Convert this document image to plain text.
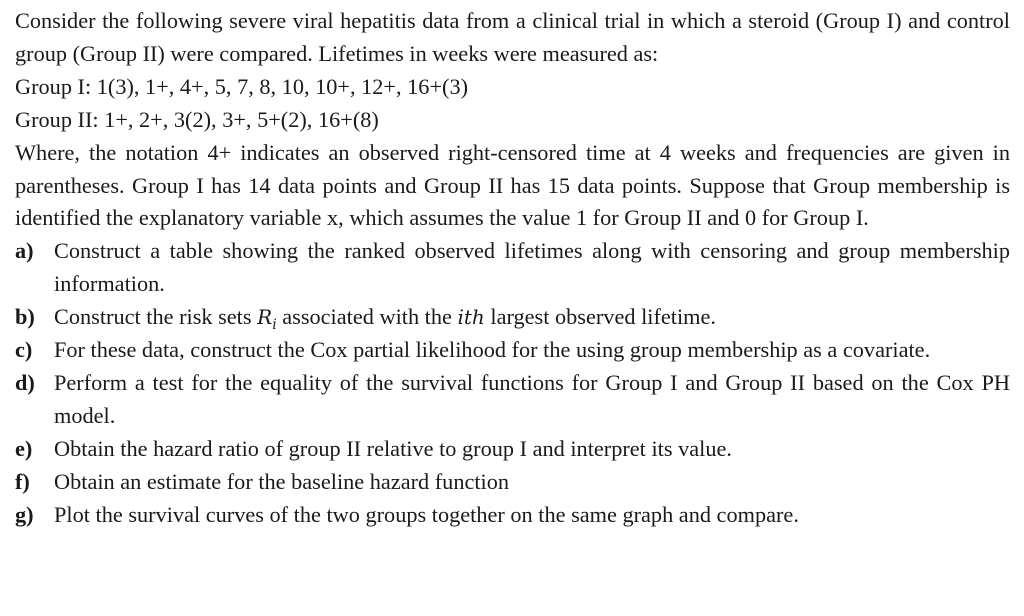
Consider the following severe viral hepatitis data from a clinical trial in which a steroid (Group I) and control group (Group II) were compared. Lifetimes in weeks were measured as:

Group I: 1(3), 1+, 4+, 5, 7, 8, 10, 10+, 12+, 16+(3)

Group II: 1+, 2+, 3(2), 3+, 5+(2), 16+(8)

Where, the notation 4+ indicates an observed right-censored time at 4 weeks and frequencies are given in parentheses. Group I has 14 data points and Group II has 15 data points. Suppose that Group membership is identified the explanatory variable x, which assumes the value 1 for Group II and 0 for Group I.

a) Construct a table showing the ranked observed lifetimes along with censoring and group membership information.
b) Construct the risk sets $R_i$ associated with the ith largest observed lifetime.
c) For these data, construct the Cox partial likelihood for the using group membership as a covariate.
d) Perform a test for the equality of the survival functions for Group I and Group II based on the Cox PH model.
e) Obtain the hazard ratio of group II relative to group I and interpret its value.
f) Obtain an estimate for the baseline hazard function
g) Plot the survival curves of the two groups together on the same graph and compare.
